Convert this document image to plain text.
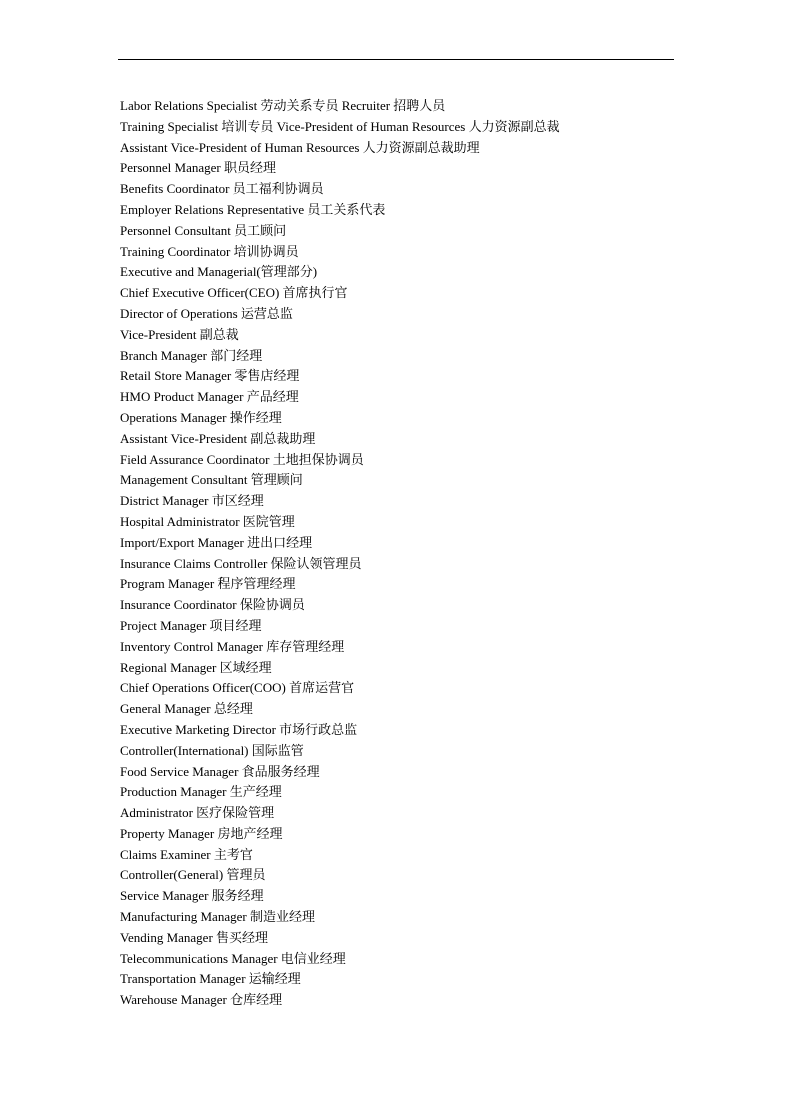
Labor Relations Specialist 劳动关系专员 Recruiter 招聘人员
Training Specialist 培训专员 Vice-President of Human Resources 人力资源副总裁
Assistant Vice-President of Human Resources 人力资源副总裁助理
Personnel Manager 职员经理
Benefits Coordinator 员工福利协调员
Employer Relations Representative 员工关系代表
Personnel Consultant 员工顾问
Training Coordinator 培训协调员
Executive and Managerial(管理部分)
Chief Executive Officer(CEO) 首席执行官
Director of Operations 运营总监
Vice-President 副总裁
Branch Manager 部门经理
Retail Store Manager 零售店经理
HMO Product Manager 产品经理
Operations Manager 操作经理
Assistant Vice-President 副总裁助理
Field Assurance Coordinator 土地担保协调员
Management Consultant 管理顾问
District Manager 市区经理
Hospital Administrator 医院管理
Import/Export Manager 进出口经理
Insurance Claims Controller 保险认领管理员
Program Manager 程序管理经理
Insurance Coordinator 保险协调员
Project Manager 项目经理
Inventory Control Manager 库存管理经理
Regional Manager 区域经理
Chief Operations Officer(COO) 首席运营官
General Manager 总经理
Executive Marketing Director 市场行政总监
Controller(International) 国际监管
Food Service Manager 食品服务经理
Production Manager 生产经理
Administrator 医疗保险管理
Property Manager 房地产经理
Claims Examiner 主考官
Controller(General) 管理员
Service Manager 服务经理
Manufacturing Manager 制造业经理
Vending Manager 售买经理
Telecommunications Manager 电信业经理
Transportation Manager 运输经理
Warehouse Manager 仓库经理
